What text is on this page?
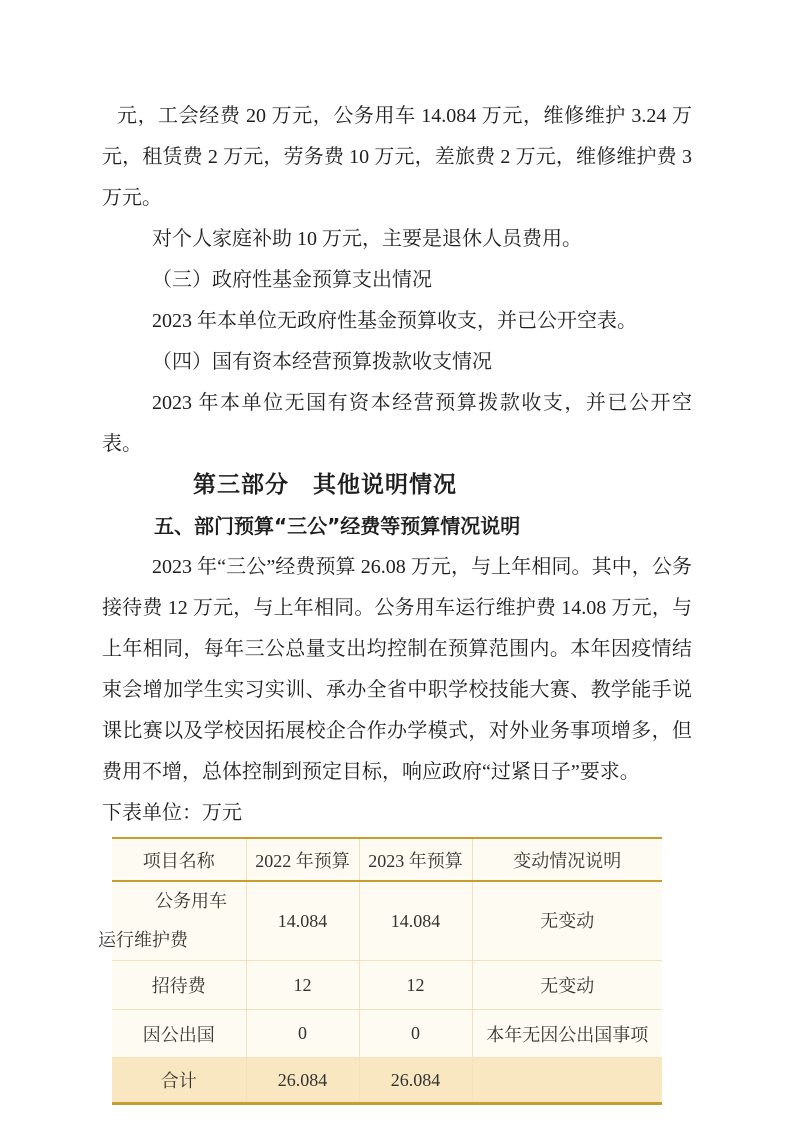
元，工会经费 20 万元，公务用车 14.084 万元，维修维护 3.24 万元，租赁费 2 万元，劳务费 10 万元，差旅费 2 万元，维修维护费 3 万元。

对个人家庭补助 10 万元，主要是退休人员费用。

（三）政府性基金预算支出情况

2023 年本单位无政府性基金预算收支，并已公开空表。

（四）国有资本经营预算拨款收支情况

2023 年本单位无国有资本经营预算拨款收支，并已公开空表。

第三部分　其他说明情况
五、部门预算“三公”经费等预算情况说明

2023 年“三公”经费预算 26.08 万元，与上年相同。其中，公务接待费 12 万元，与上年相同。公务用车运行维护费 14.08 万元，与上年相同，每年三公总量支出均控制在预算范围内。本年因疫情结束会增加学生实习实训、承办全省中职学校技能大赛、教学能手说课比赛以及学校因拓展校企合作办学模式，对外业务事项增多，但费用不增，总体控制到预定目标，响应政府“过紧日子”要求。

下表单位：万元

项目名称	2022 年预算	2023 年预算	变动情况说明

公务用车
运行维护费	14.084	14.084	无变动
招待费	12	12	无变动
因公出国	0	0	本年无因公出国事项
合计	26.084	26.084	
